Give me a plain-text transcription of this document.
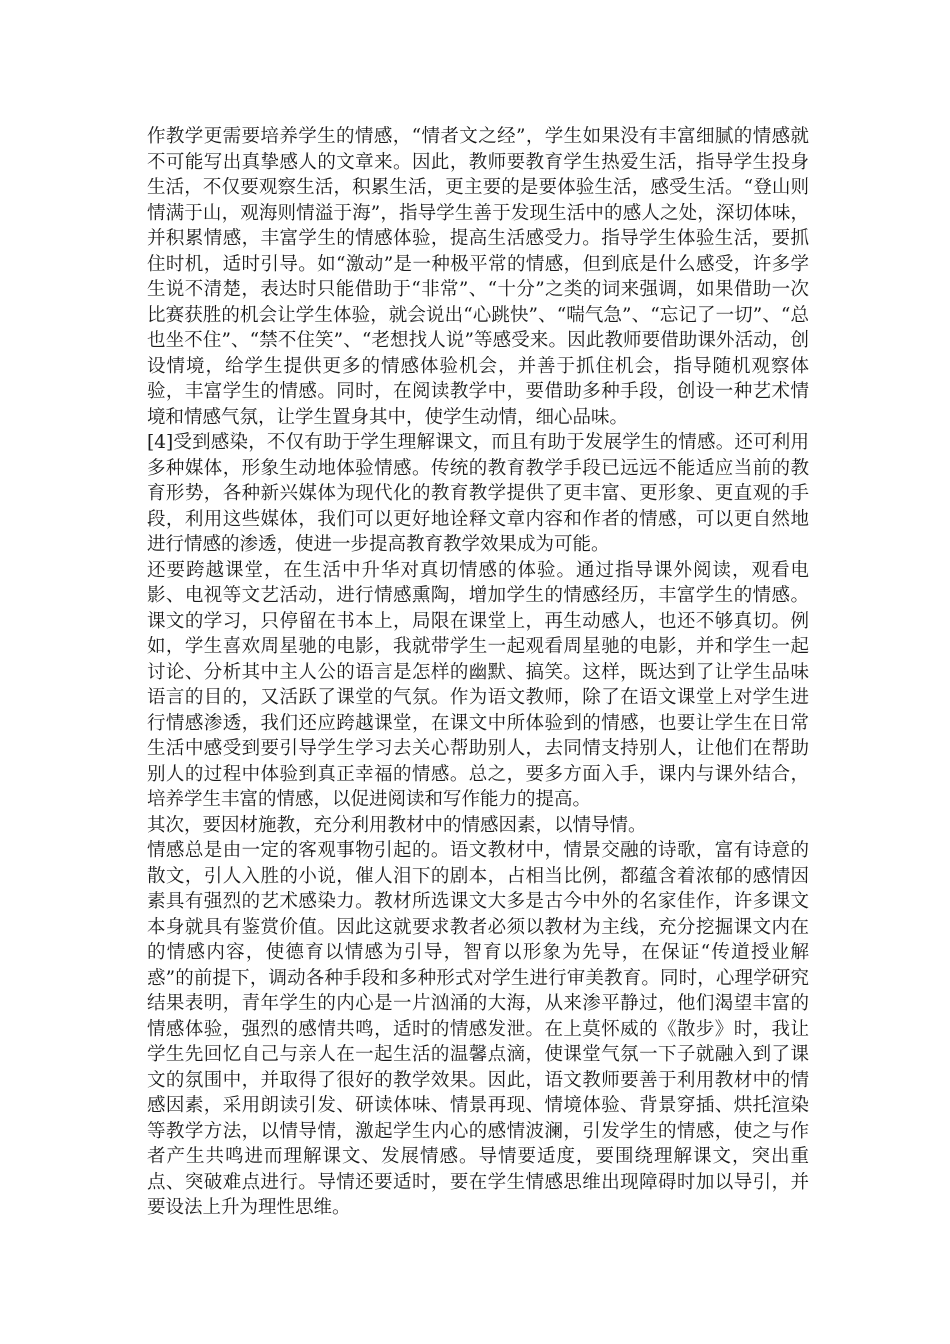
作教学更需要培养学生的情感，“情者文之经”，学生如果没有丰富细腻的情感就不可能写出真挚感人的文章来。因此，教师要教育学生热爱生活，指导学生投身生活，不仅要观察生活，积累生活，更主要的是要体验生活，感受生活。“登山则情满于山，观海则情溢于海”，指导学生善于发现生活中的感人之处，深切体味，并积累情感，丰富学生的情感体验，提高生活感受力。指导学生体验生活，要抓住时机，适时引导。如“激动”是一种极平常的情感，但到底是什么感受，许多学生说不清楚，表达时只能借助于“非常”、“十分”之类的词来强调，如果借助一次比赛获胜的机会让学生体验，就会说出“心跳快”、“喘气急”、“忘记了一切”、“总也坐不住”、“禁不住笑”、“老想找人说”等感受来。因此教师要借助课外活动，创设情境，给学生提供更多的情感体验机会，并善于抓住机会，指导随机观察体验，丰富学生的情感。同时，在阅读教学中，要借助多种手段，创设一种艺术情境和情感气氛，让学生置身其中，使学生动情，细心品味。

[4]受到感染，不仅有助于学生理解课文，而且有助于发展学生的情感。还可利用多种媒体，形象生动地体验情感。传统的教育教学手段已远远不能适应当前的教育形势，各种新兴媒体为现代化的教育教学提供了更丰富、更形象、更直观的手段，利用这些媒体，我们可以更好地诠释文章内容和作者的情感，可以更自然地进行情感的渗透，使进一步提高教育教学效果成为可能。

还要跨越课堂，在生活中升华对真切情感的体验。通过指导课外阅读，观看电影、电视等文艺活动，进行情感熏陶，增加学生的情感经历，丰富学生的情感。课文的学习，只停留在书本上，局限在课堂上，再生动感人，也还不够真切。例如，学生喜欢周星驰的电影，我就带学生一起观看周星驰的电影，并和学生一起讨论、分析其中主人公的语言是怎样的幽默、搞笑。这样，既达到了让学生品味语言的目的，又活跃了课堂的气氛。作为语文教师，除了在语文课堂上对学生进行情感渗透，我们还应跨越课堂，在课文中所体验到的情感，也要让学生在日常生活中感受到要引导学生学习去关心帮助别人，去同情支持别人，让他们在帮助别人的过程中体验到真正幸福的情感。总之，要多方面入手，课内与课外结合，培养学生丰富的情感，以促进阅读和写作能力的提高。

其次，要因材施教，充分利用教材中的情感因素，以情导情。

情感总是由一定的客观事物引起的。语文教材中，情景交融的诗歌，富有诗意的散文，引人入胜的小说，催人泪下的剧本，占相当比例，都蕴含着浓郁的感情因素具有强烈的艺术感染力。教材所选课文大多是古今中外的名家佳作，许多课文本身就具有鉴赏价值。因此这就要求教者必须以教材为主线，充分挖掘课文内在的情感内容，使德育以情感为引导，智育以形象为先导，在保证“传道授业解惑”的前提下，调动各种手段和多种形式对学生进行审美教育。同时，心理学研究结果表明，青年学生的内心是一片汹涌的大海，从来渗平静过，他们渴望丰富的情感体验，强烈的感情共鸣，适时的情感发泄。在上莫怀威的《散步》时，我让学生先回忆自己与亲人在一起生活的温馨点滴，使课堂气氛一下子就融入到了课文的氛围中，并取得了很好的教学效果。因此，语文教师要善于利用教材中的情感因素，采用朗读引发、研读体味、情景再现、情境体验、背景穿插、烘托渲染等教学方法，以情导情，激起学生内心的感情波澜，引发学生的情感，使之与作者产生共鸣进而理解课文、发展情感。导情要适度，要围绕理解课文，突出重点、突破难点进行。导情还要适时，要在学生情感思维出现障碍时加以导引，并要设法上升为理性思维。
